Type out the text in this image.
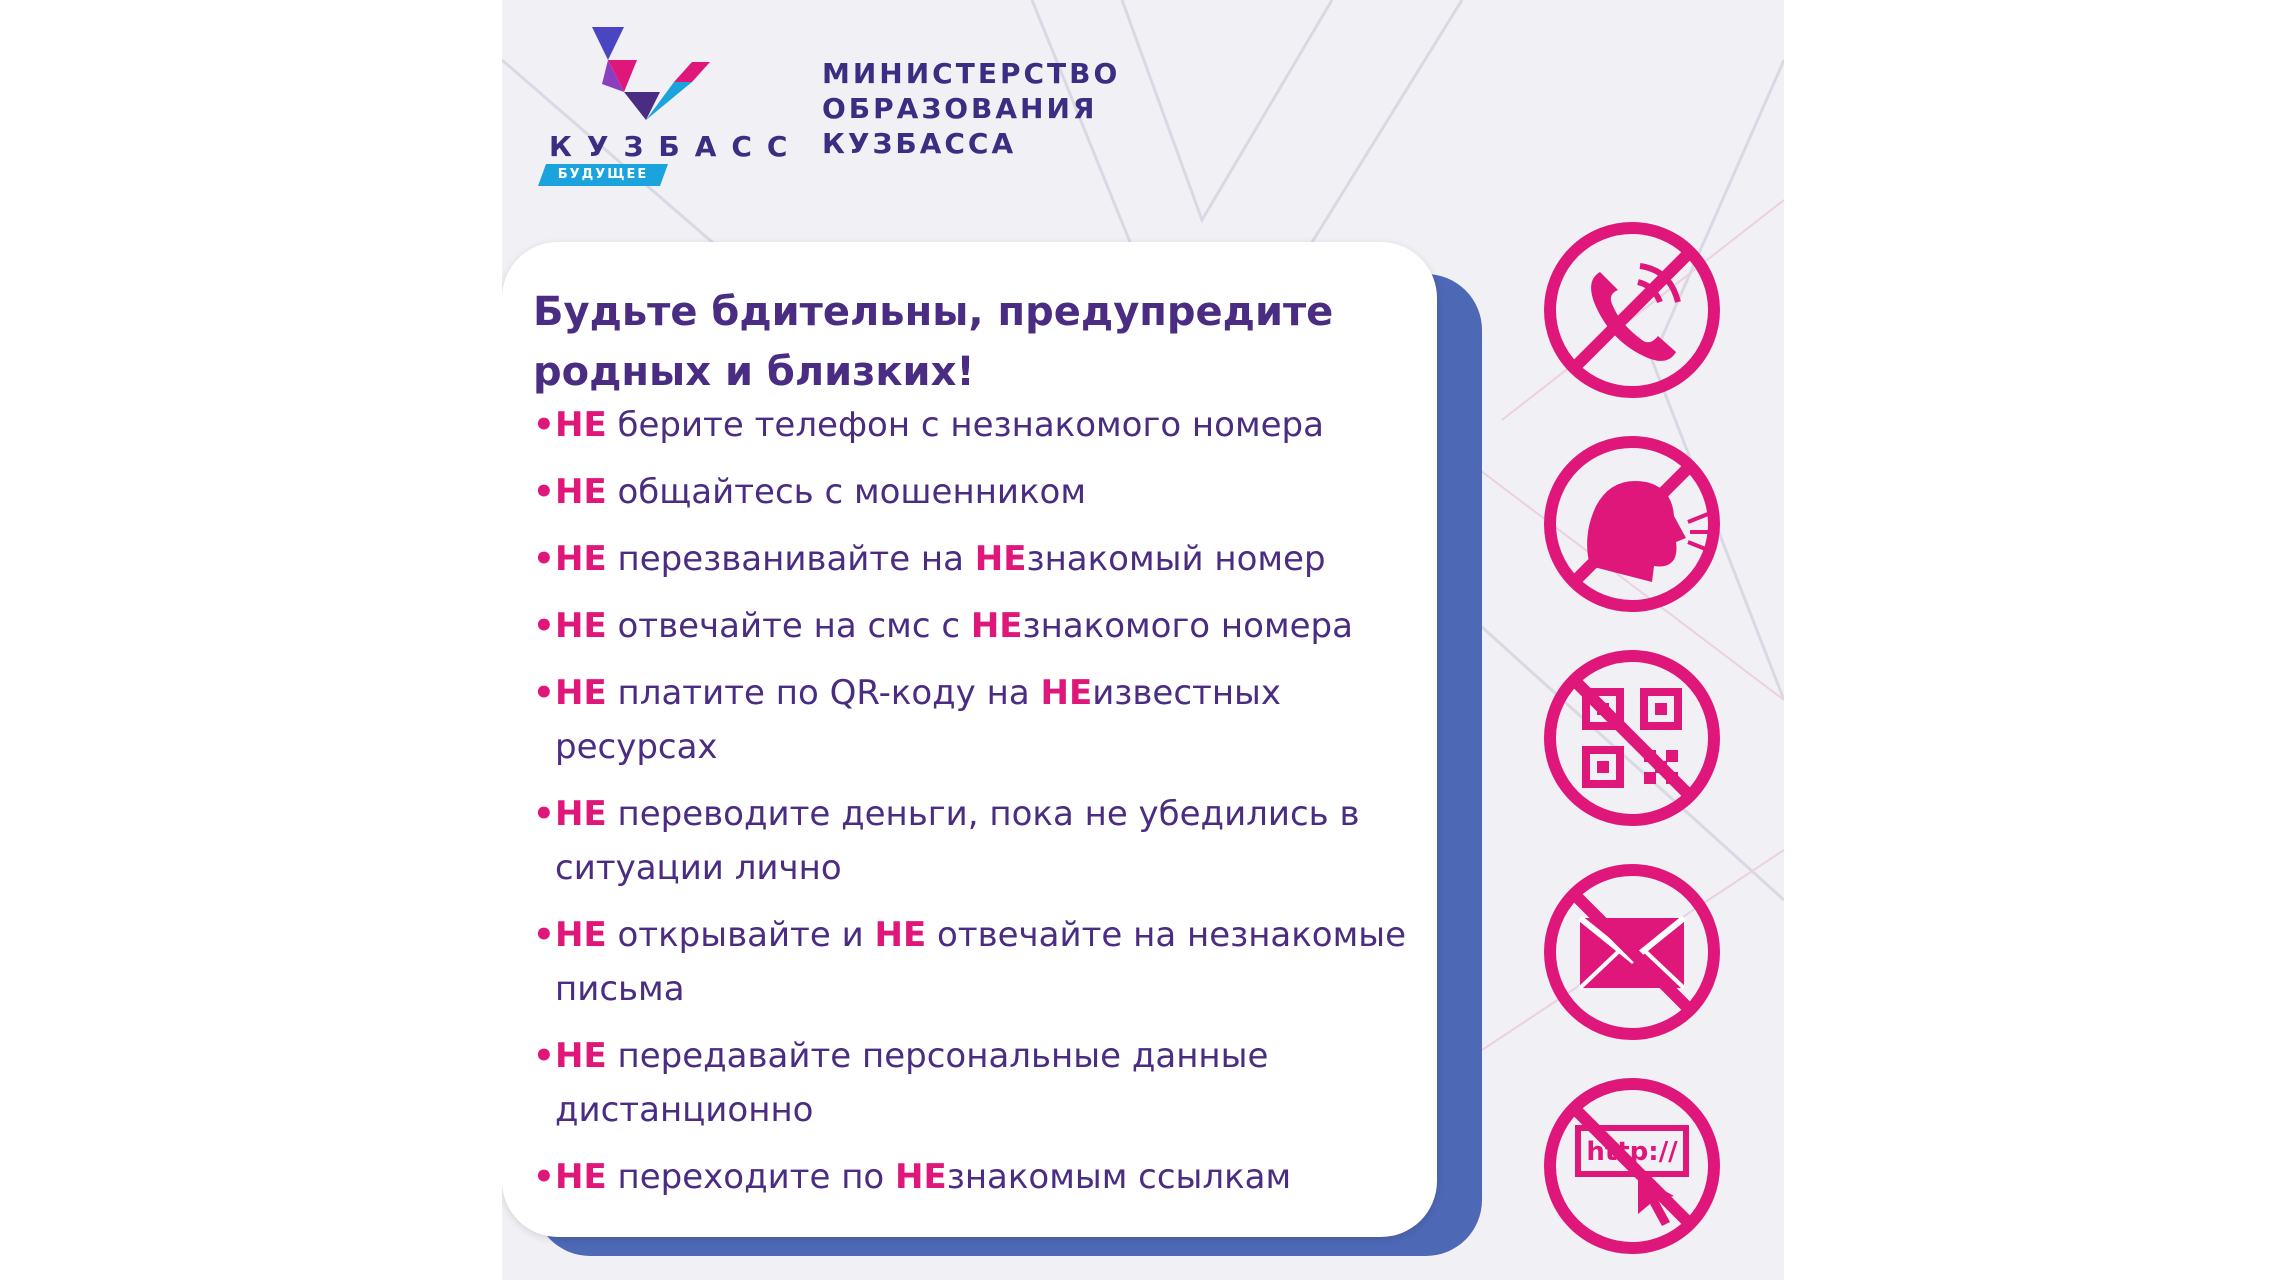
КУЗБАСС
БУДУЩЕЕ
МИНИСТЕРСТВО
ОБРАЗОВАНИЯ
КУЗБАССА
Будьте бдительны, предупредите родных и близких!
• НЕ берите телефон с незнакомого номера
• НЕ общайтесь с мошенником
• НЕ перезванивайте на НЕзнакомый номер
• НЕ отвечайте на смс с НЕзнакомого номера
• НЕ платите по QR-коду на НЕизвестных ресурсах
• НЕ переводите деньги, пока не убедились в ситуации лично
• НЕ открывайте и НЕ отвечайте на незнакомые письма
• НЕ передавайте персональные данные дистанционно
• НЕ переходите по НЕзнакомым ссылкам
http://
